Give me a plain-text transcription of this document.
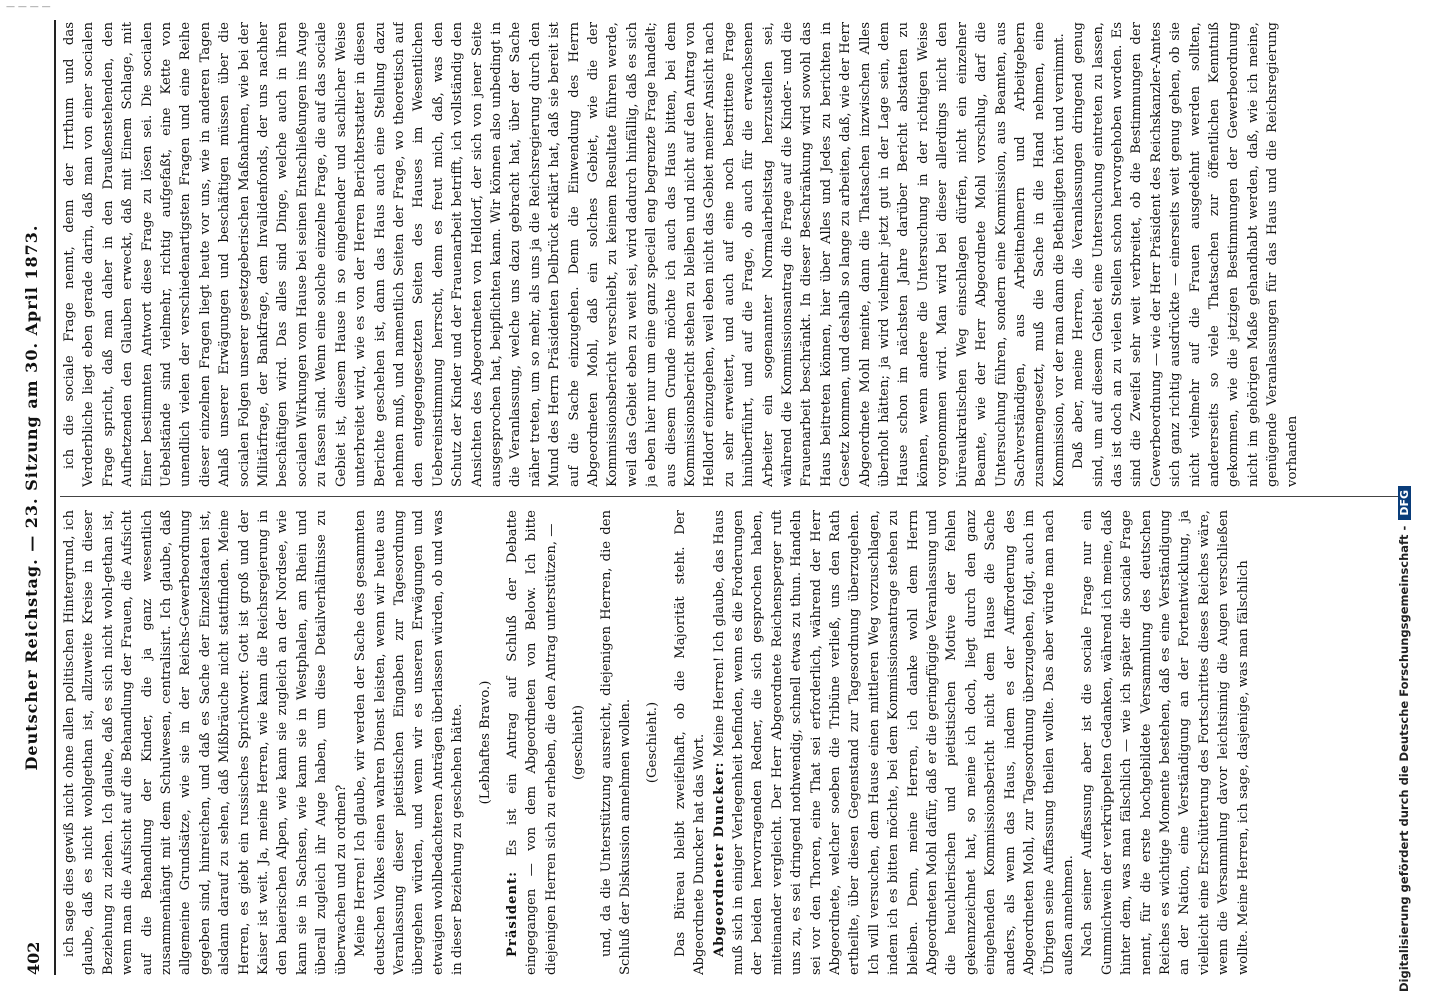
— — — —
402
Deutscher Reichstag. — 23. Sitzung am 30. April 1873. ich sage dies gewiß nicht ohne allen politischen Hintergrund, ich glaube, daß es nicht wohlgethan ist, allzuweite Kreise in dieser Beziehung zu ziehen. Ich glaube, daß es sich nicht wohl-gethan ist, wenn man die Aufsicht auf die Behandlung der Frauen, die Aufsicht auf die Behandlung der Kinder, die ja ganz wesentlich zusammenhängt mit dem Schulwesen, centralisirt. Ich glaube, daß allgemeine Grundsätze, wie sie in der Reichs-Gewerbeordnung gegeben sind, hinreichen, und daß es Sache der Einzelstaaten ist, alsdann darauf zu sehen, daß Mißbräuche nicht stattfinden. Meine Herren, es giebt ein russisches Sprichwort: Gott ist groß und der Kaiser ist weit. Ja, meine Herren, wie kann die Reichsregierung in den baierischen Alpen, wie kann sie zugleich an der Nordsee, wie kann sie in Sachsen, wie kann sie in Westphalen, am Rhein und überall zugleich ihr Auge haben, um diese Detailverhältnisse zu überwachen und zu ordnen? Meine Herren! Ich glaube, wir werden der Sache des gesammten deutschen Volkes einen wahren Dienst leisten, wenn wir heute aus Veranlassung dieser pietistischen Eingaben zur Tagesordnung übergehen würden, und wenn wir es unseren Erwägungen und etwaigen wohlbedachteren Anträgen überlassen würden, ob und was in dieser Beziehung zu geschehen hätte. (Lebhaftes Bravo.)

Präsident: Es ist ein Antrag auf Schluß der Debatte eingegangen — von dem Abgeordneten von Below. Ich bitte diejenigen Herren sich zu erheben, die den Antrag unterstützen, — (geschieht) und, da die Unterstützung ausreicht, diejenigen Herren, die den Schluß der Diskussion annehmen wollen. (Geschieht.) Das Büreau bleibt zweifelhaft, ob die Majorität steht. Der Abgeordnete Duncker hat das Wort. Abgeordneter Duncker: Meine Herren! Ich glaube, das Haus muß sich in einiger Verlegenheit befinden, wenn es die Forderungen der beiden hervorragenden Redner, die sich gesprochen haben, miteinander vergleicht. Der Herr Abgeordnete Reichensperger ruft uns zu, es sei dringend nothwendig, schnell etwas zu thun. Handeln sei vor den Thoren, eine That sei erforderlich, während der Herr Abgeordnete, welcher soeben die Tribüne verließ, uns den Rath ertheilte, über diesen Gegenstand zur Tagesordnung überzugehen. Ich will versuchen, dem Hause einen mittleren Weg vorzuschlagen, indem ich es bitten möchte, bei dem Kommissionsantrage stehen zu bleiben. Denn, meine Herren, ich danke wohl dem Herrn Abgeordneten Mohl dafür, daß er die geringfügige Veranlassung und die heuchlerischen und pietistischen Motive der fehlen gekennzeichnet hat, so meine ich doch, liegt durch den ganz eingehenden Kommissionsbericht nicht dem Hause die Sache anders, als wenn das Haus, indem es der Aufforderung des Abgeordneten Mohl, zur Tagesordnung überzugehen, folgt, auch im Übrigen seine Auffassung theilen wollte. Das aber würde man nach außen annehmen. Nach seiner Auffassung aber ist die sociale Frage nur ein Gummichwein der verkrüppelten Gedanken, während ich meine, daß hinter dem, was man fälschlich — wie ich später die sociale Frage nennt, für die erste hochgebildete Versammlung des deutschen Reiches es wichtige Momente bestehen, daß es eine Verständigung an der Nation, eine Verständigung an der Fortentwicklung, ja vielleicht eine Erschütterung des Fortschrittes dieses Reiches wäre, wenn die Versammlung davor leichtsinnig die Augen verschließen wollte. Meine Herren, ich sage, dasjenige, was man fälschlich

ich die sociale Frage nennt, denn der Irrthum und das Verderbliche liegt eben gerade darin, daß man von einer socialen Frage spricht, daß man daher in den Draußenstehenden, den Aufhetzenden den Glauben erweckt, daß mit Einem Schlage, mit Einer bestimmten Antwort diese Frage zu lösen sei. Die socialen Uebelstände sind vielmehr, richtig aufgefaßt, eine Kette von unendlich vielen der verschiedenartigsten Fragen und eine Reihe dieser einzelnen Fragen liegt heute vor uns, wie in anderen Tagen Anlaß unserer Erwägungen und beschäftigen müssen über die socialen Folgen unserer gesetzgeberischen Maßnahmen, wie bei der Militärfrage, der Bankfrage, dem Invalidenfonds, der uns nachher beschäftigen wird. Das alles sind Dinge, welche auch in ihren socialen Wirkungen vom Hause bei seinen Entschließungen ins Auge zu fassen sind. Wenn eine solche einzelne Frage, die auf das sociale Gebiet ist, diesem Hause in so eingehender und sachlicher Weise unterbreitet wird, wie es von der Herren Berichterstatter in diesen Berichte geschehen ist, dann das Haus auch eine Stellung dazu nehmen muß, und namentlich Seiten der Frage, wo theoretisch auf den entgegengesetzten Seiten des Hauses im Wesentlichen Uebereinstimmung herrscht, denn es freut mich, daß, was den Schutz der Kinder und der Frauenarbeit betrifft, ich vollständig den Ansichten des Abgeordneten von Helldorf, der sich von jener Seite ausgesprochen hat, beipflichten kann. Wir können also unbedingt in die Veranlassung, welche uns dazu gebracht hat, über der Sache näher treten, um so mehr, als uns ja die Reichsregierung durch den Mund des Herrn Präsidenten Delbrück erklärt hat, daß sie bereit ist auf die Sache einzugehen. Denn die Einwendung des Herrn Abgeordneten Mohl, daß ein solches Gebiet, wie die der Kommissionsbericht verschiebt, zu keinem Resultate führen werde, weil das Gebiet eben zu weit sei, wird dadurch hinfällig, daß es sich ja eben hier nur um eine ganz speciell eng begrenzte Frage handelt; aus diesem Grunde möchte ich auch das Haus bitten, bei dem Kommissionsbericht stehen zu bleiben und nicht auf den Antrag von Helldorf einzugehen, weil eben nicht das Gebiet meiner Ansicht nach zu sehr erweitert, und auch auf eine noch bestrittene Frage hinüberführt, und auf die Frage, ob auch für die erwachsenen Arbeiter ein sogenannter Normalarbeitstag herzustellen sei, während die Kommissionsantrag die Frage auf die Kinder- und die Frauenarbeit beschränkt. In dieser Beschränkung wird sowohl das Haus beitreten können, hier über Alles und Jedes zu berichten in Gesetz kommen, und deshalb so lange zu arbeiten, daß, wie der Herr Abgeordnete Mohl meinte, dann die Thatsachen inzwischen Alles überholt hätten; ja wird vielmehr jetzt gut in der Lage sein, dem Hause schon im nächsten Jahre darüber Bericht abstatten zu können, wenn andere die Untersuchung in der richtigen Weise vorgenommen wird. Man wird bei dieser allerdings nicht den büreaukratischen Weg einschlagen dürfen, nicht ein einzelner Beamte, wie der Herr Abgeordnete Mohl vorschlug, darf die Untersuchung führen, sondern eine Kommission, aus Beamten, aus Sachverständigen, aus Arbeitnehmern und Arbeitgebern zusammengesetzt, muß die Sache in die Hand nehmen, eine Kommission, vor der man dann die Betheiligten hört und vernimmt. Daß aber, meine Herren, die Veranlassungen dringend genug sind, um auf diesem Gebiet eine Untersuchung eintreten zu lassen, das ist doch an zu vielen Stellen schon hervorgehoben worden. Es sind die Zweifel sehr weit verbreitet, ob die Bestimmungen der Gewerbeordnung — wie der Herr Präsident des Reichskanzler-Amtes sich ganz richtig ausdrückte — einerseits weit genug gehen, ob sie nicht vielmehr auf die Frauen ausgedehnt werden sollten, andererseits so viele Thatsachen zur öffentlichen Kenntniß gekommen, wie die jetzigen Bestimmungen der Gewerbeordnung nicht im gehörigen Maße gehandhabt werden, daß, wie ich meine, genügende Veranlassungen für das Haus und die Reichsregierung vorhanden

Digitalisierung gefördert durch die Deutsche Forschungsgemeinschaft -DFG
